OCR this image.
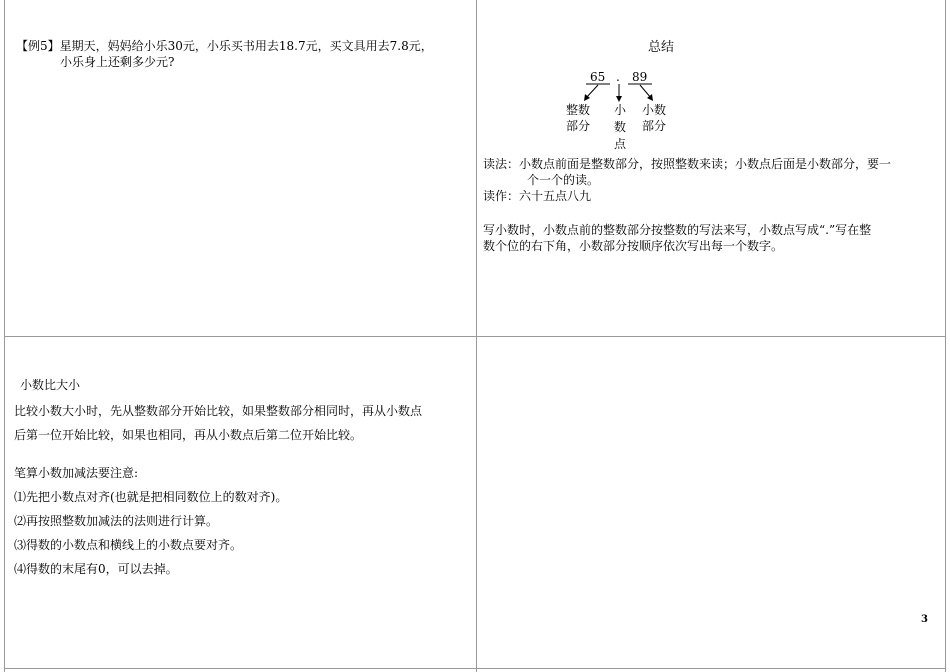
【例5】星期天，妈妈给小乐30元，小乐买书用去18.7元，买文具用去7.8元，
小乐身上还剩多少元?
总结
65 . 89
整数
部分
小
数
点
小数
部分
读法：小数点前面是整数部分，按照整数来读；小数点后面是小数部分，要一
个一个的读。
读作：六十五点八九
写小数时，小数点前的整数部分按整数的写法来写，小数点写成“.”写在整
数个位的右下角，小数部分按顺序依次写出每一个数字。
小数比大小
比较小数大小时，先从整数部分开始比较，如果整数部分相同时，再从小数点
后第一位开始比较，如果也相同，再从小数点后第二位开始比较。
笔算小数加减法要注意:
⑴先把小数点对齐(也就是把相同数位上的数对齐)。
⑵再按照整数加减法的法则进行计算。
⑶得数的小数点和横线上的小数点要对齐。
⑷得数的末尾有0，可以去掉。
3
